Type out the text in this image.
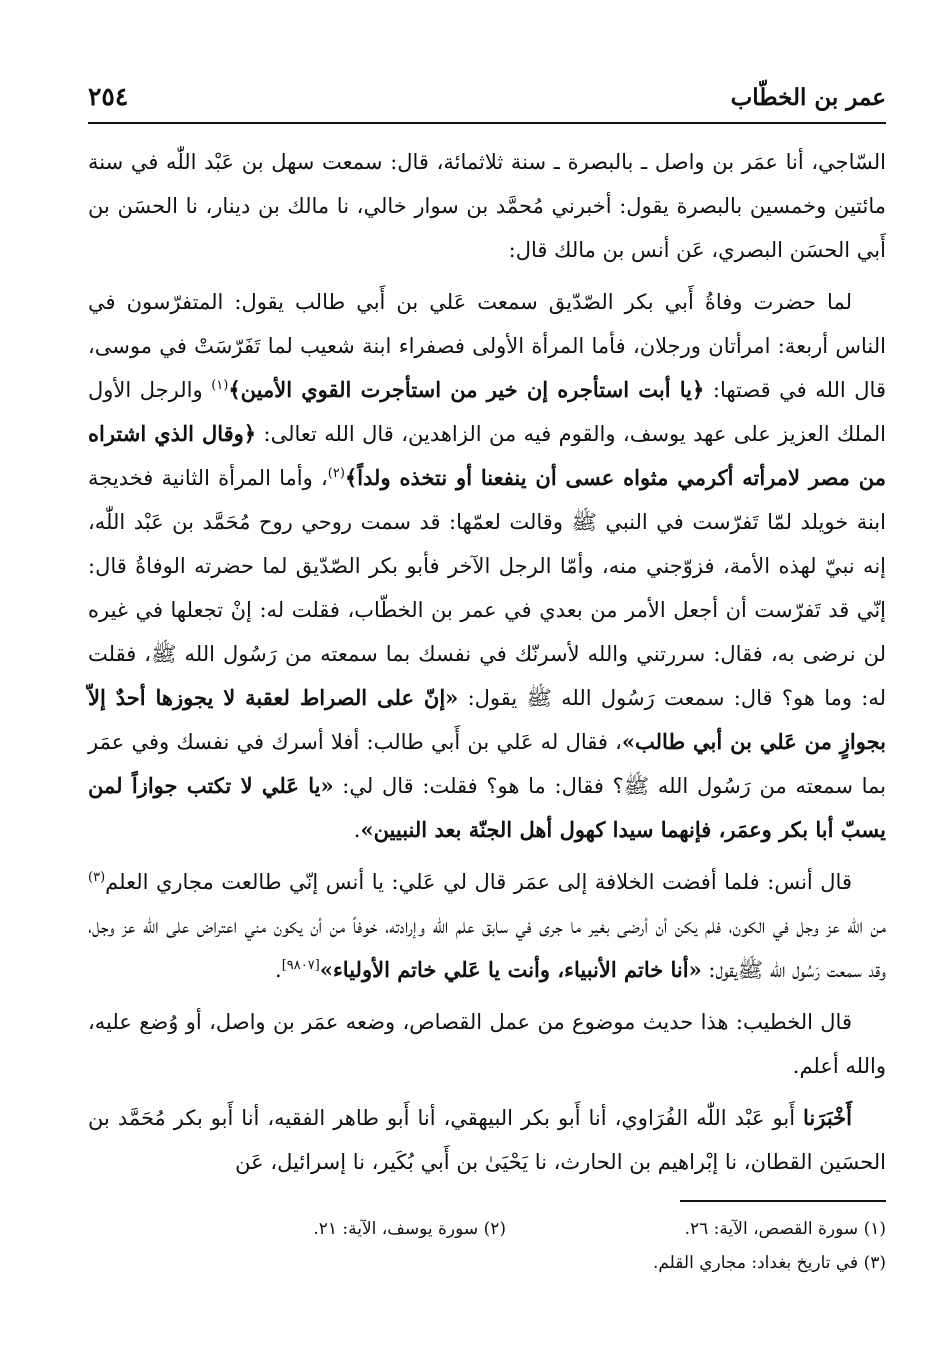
عمر بن الخطّاب
٢٥٤

السّاجي، أنا عمَر بن واصل ـ بالبصرة ـ سنة ثلاثمائة، قال: سمعت سهل بن عَبْد اللّٰه في سنة مائتين وخمسين بالبصرة يقول: أخبرني مُحمَّد بن سوار خالي، نا مالك بن دينار، نا الحسَن بن أَبي الحسَن البصري، عَن أنس بن مالك قال:

لما حضرت وفاةُ أَبي بكر الصّدّيق سمعت عَلي بن أَبي طالب يقول: المتفرّسون في الناس أربعة: امرأتان ورجلان، فأما المرأة الأولى فصفراء ابنة شعيب لما تَفَرّسَتْ في موسى، قال الله في قصتها: ﴿يا أبت استأجره إن خير من استأجرت القوي الأمين﴾$^{(١)}$ والرجل الأول الملك العزيز على عهد يوسف، والقوم فيه من الزاهدين، قال الله تعالى: ﴿وقال الذي اشتراه من مصر لامرأته أكرمي مثواه عسى أن ينفعنا أو نتخذه ولداً﴾$^{(٢)}$، وأما المرأة الثانية فخديجة ابنة خويلد لمّا تَفرّست في النبي ﷺ وقالت لعمّها: قد سمت روحي روح مُحَمَّد بن عَبْد اللّٰه، إنه نبيّ لهذه الأمة، فزوّجني منه، وأمّا الرجل الآخر فأبو بكر الصّدّيق لما حضرته الوفاةُ قال: إنّي قد تَفرّست أن أجعل الأمر من بعدي في عمر بن الخطّاب، فقلت له: إنْ تجعلها في غيره لن نرضى به، فقال: سررتني والله لأسرنّك في نفسك بما سمعته من رَسُول الله ﷺ، فقلت له: وما هو؟ قال: سمعت رَسُول الله ﷺ يقول: «إنّ على الصراط لعقبة لا يجوزها أحدٌ إلاّ بجوازٍ من عَلي بن أبي طالب»، فقال له عَلي بن أَبي طالب: أفلا أسرك في نفسك وفي عمَر بما سمعته من رَسُول الله ﷺ؟ فقال: ما هو؟ فقلت: قال لي: «يا عَلي لا تكتب جوازاً لمن يسبّ أبا بكر وعمَر، فإنهما سيدا كهول أهل الجنّة بعد النبيين».

قال أنس: فلما أفضت الخلافة إلى عمَر قال لي عَلي: يا أنس إنّي طالعت مجاري العلم$^{(٣)}$ من الله عز وجل في الكون، فلم يكن أن أرضى بغير ما جرى في سابق علم الله وإرادته، خوفاً من أن يكون مني اعتراض على الله عز وجل، وقد سمعت رَسُول الله ﷺيقول: «أنا خاتم الأنبياء، وأنت يا عَلي خاتم الأولياء»[٩٨٠٧].

قال الخطيب: هذا حديث موضوع من عمل القصاص، وضعه عمَر بن واصل، أو وُضع عليه، والله أعلم.

أَخْبَرَنا أَبو عَبْد اللّٰه الفُرَاوي، أنا أَبو بكر البيهقي، أنا أَبو طاهر الفقيه، أنا أَبو بكر مُحَمَّد بن الحسَين القطان، نا إبْراهيم بن الحارث، نا يَحْيَىٰ بن أَبي بُكَير، نا إسرائيل، عَن

(١) سورة القصص، الآية: ٢٦.
(٢) سورة يوسف، الآية: ٢١.
(٣) في تاريخ بغداد: مجاري القلم.
